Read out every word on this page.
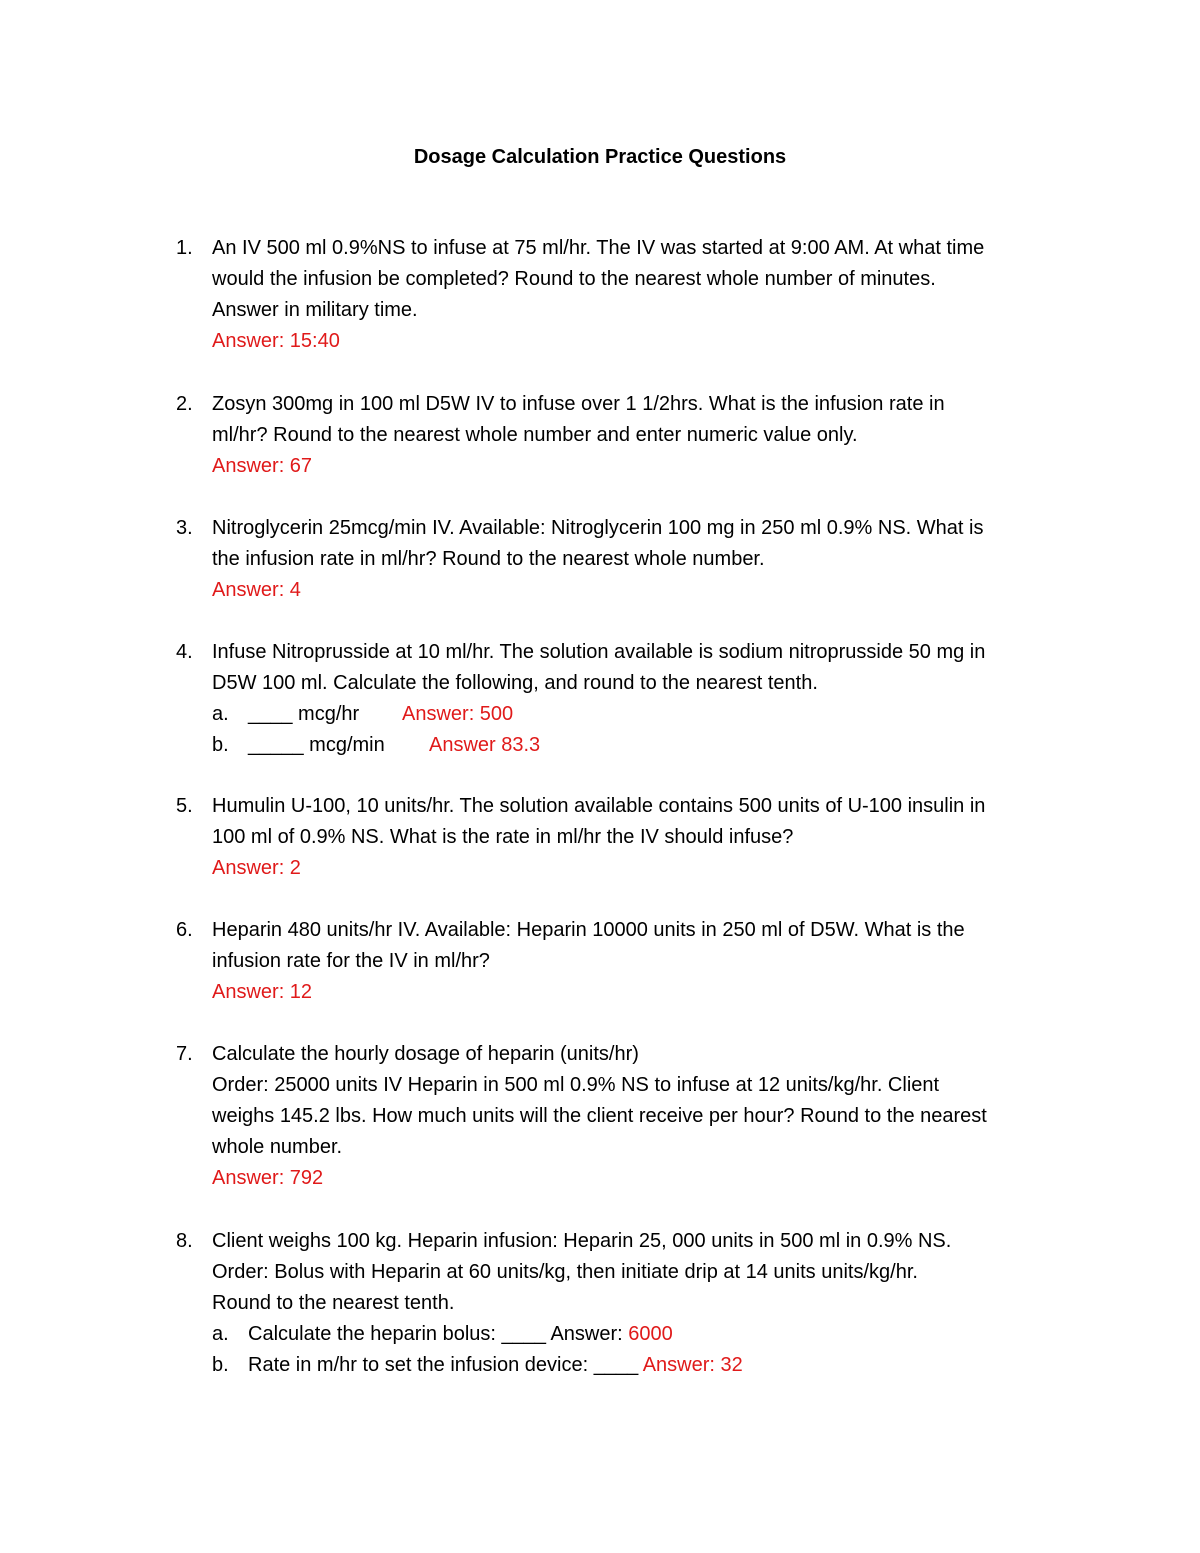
Dosage Calculation Practice Questions
1. An IV 500 ml 0.9%NS to infuse at 75 ml/hr. The IV was started at 9:00 AM. At what time
would the infusion be completed? Round to the nearest whole number of minutes.
Answer in military time.
Answer: 15:40
2. Zosyn 300mg in 100 ml D5W IV to infuse over 1 1/2hrs. What is the infusion rate in
ml/hr? Round to the nearest whole number and enter numeric value only.
Answer: 67
3. Nitroglycerin 25mcg/min IV. Available: Nitroglycerin 100 mg in 250 ml 0.9% NS. What is
the infusion rate in ml/hr? Round to the nearest whole number.
Answer: 4
4. Infuse Nitroprusside at 10 ml/hr. The solution available is sodium nitroprusside 50 mg in
D5W 100 ml. Calculate the following, and round to the nearest tenth.
a. ____ mcg/hr Answer: 500
b. _____ mcg/min Answer 83.3
5. Humulin U-100, 10 units/hr. The solution available contains 500 units of U-100 insulin in
100 ml of 0.9% NS. What is the rate in ml/hr the IV should infuse?
Answer: 2
6. Heparin 480 units/hr IV. Available: Heparin 10000 units in 250 ml of D5W. What is the
infusion rate for the IV in ml/hr?
Answer: 12
7. Calculate the hourly dosage of heparin (units/hr)
Order: 25000 units IV Heparin in 500 ml 0.9% NS to infuse at 12 units/kg/hr. Client
weighs 145.2 lbs. How much units will the client receive per hour? Round to the nearest
whole number.
Answer: 792
8. Client weighs 100 kg. Heparin infusion: Heparin 25, 000 units in 500 ml in 0.9% NS.
Order: Bolus with Heparin at 60 units/kg, then initiate drip at 14 units units/kg/hr.
Round to the nearest tenth.
a. Calculate the heparin bolus: ____ Answer: 6000
b. Rate in m/hr to set the infusion device: ____ Answer: 32
